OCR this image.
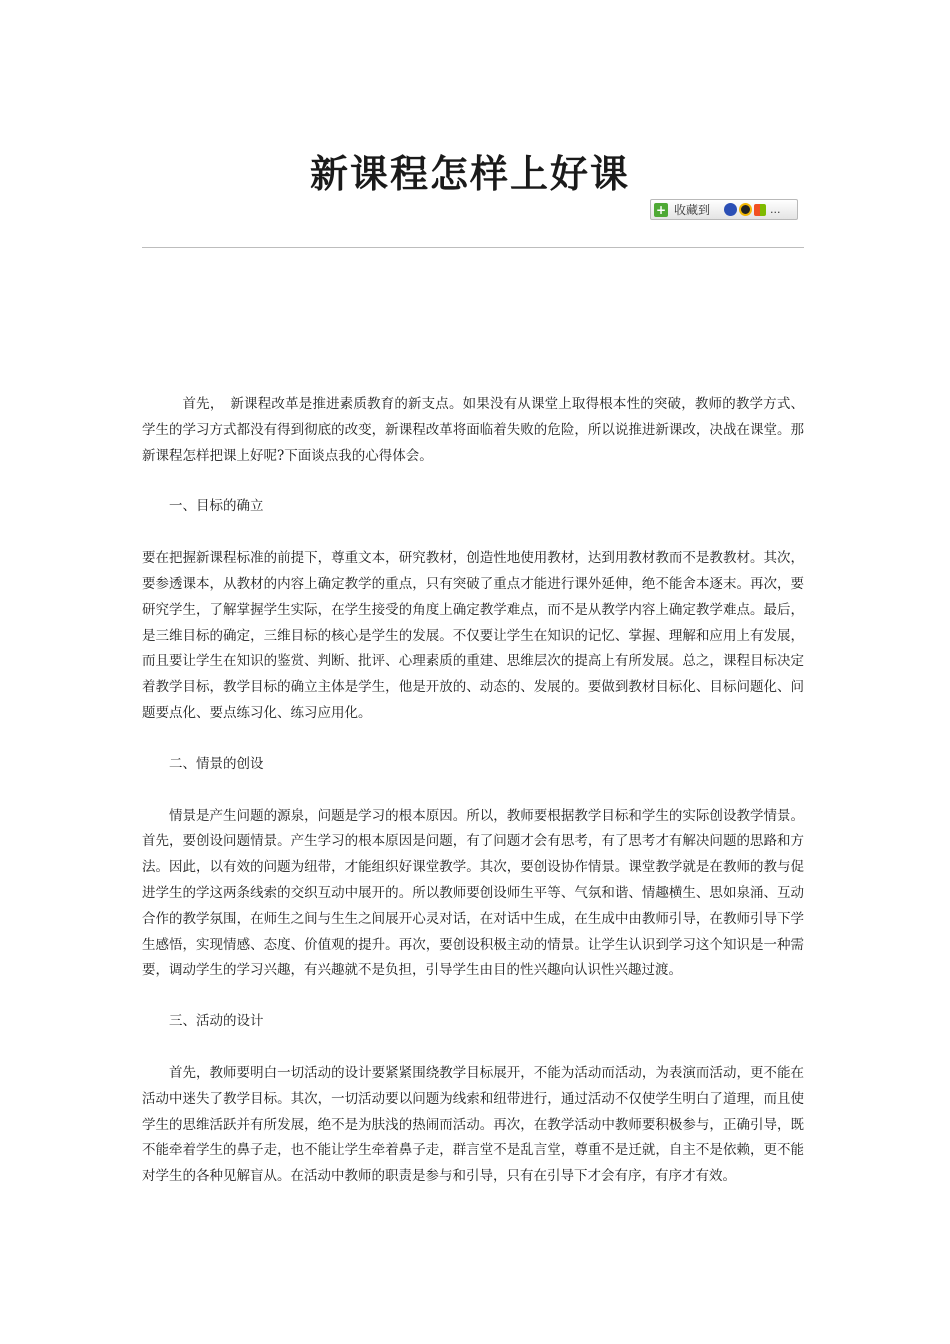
新课程怎样上好课
+ 收藏到	...

首先，　新课程改革是推进素质教育的新支点。如果没有从课堂上取得根本性的突破，教师的教学方式、学生的学习方式都没有得到彻底的改变，新课程改革将面临着失败的危险，所以说推进新课改，决战在课堂。那新课程怎样把课上好呢?下面谈点我的心得体会。

一、目标的确立

要在把握新课程标准的前提下，尊重文本，研究教材，创造性地使用教材，达到用教材教而不是教教材。其次，要参透课本，从教材的内容上确定教学的重点，只有突破了重点才能进行课外延伸，绝不能舍本逐末。再次，要研究学生，了解掌握学生实际，在学生接受的角度上确定教学难点，而不是从教学内容上确定教学难点。最后，是三维目标的确定，三维目标的核心是学生的发展。不仅要让学生在知识的记忆、掌握、理解和应用上有发展，而且要让学生在知识的鉴赏、判断、批评、心理素质的重建、思维层次的提高上有所发展。总之，课程目标决定着教学目标，教学目标的确立主体是学生，他是开放的、动态的、发展的。要做到教材目标化、目标问题化、问题要点化、要点练习化、练习应用化。

二、情景的创设

情景是产生问题的源泉，问题是学习的根本原因。所以，教师要根据教学目标和学生的实际创设教学情景。首先，要创设问题情景。产生学习的根本原因是问题，有了问题才会有思考，有了思考才有解决问题的思路和方法。因此，以有效的问题为纽带，才能组织好课堂教学。其次，要创设协作情景。课堂教学就是在教师的教与促进学生的学这两条线索的交织互动中展开的。所以教师要创设师生平等、气氛和谐、情趣横生、思如泉涌、互动合作的教学氛围，在师生之间与生生之间展开心灵对话，在对话中生成，在生成中由教师引导，在教师引导下学生感悟，实现情感、态度、价值观的提升。再次，要创设积极主动的情景。让学生认识到学习这个知识是一种需要，调动学生的学习兴趣，有兴趣就不是负担，引导学生由目的性兴趣向认识性兴趣过渡。

三、活动的设计

首先，教师要明白一切活动的设计要紧紧围绕教学目标展开，不能为活动而活动，为表演而活动，更不能在活动中迷失了教学目标。其次，一切活动要以问题为线索和纽带进行，通过活动不仅使学生明白了道理，而且使学生的思维活跃并有所发展，绝不是为肤浅的热闹而活动。再次，在教学活动中教师要积极参与，正确引导，既不能牵着学生的鼻子走，也不能让学生牵着鼻子走，群言堂不是乱言堂，尊重不是迁就，自主不是依赖，更不能对学生的各种见解盲从。在活动中教师的职责是参与和引导，只有在引导下才会有序，有序才有效。
